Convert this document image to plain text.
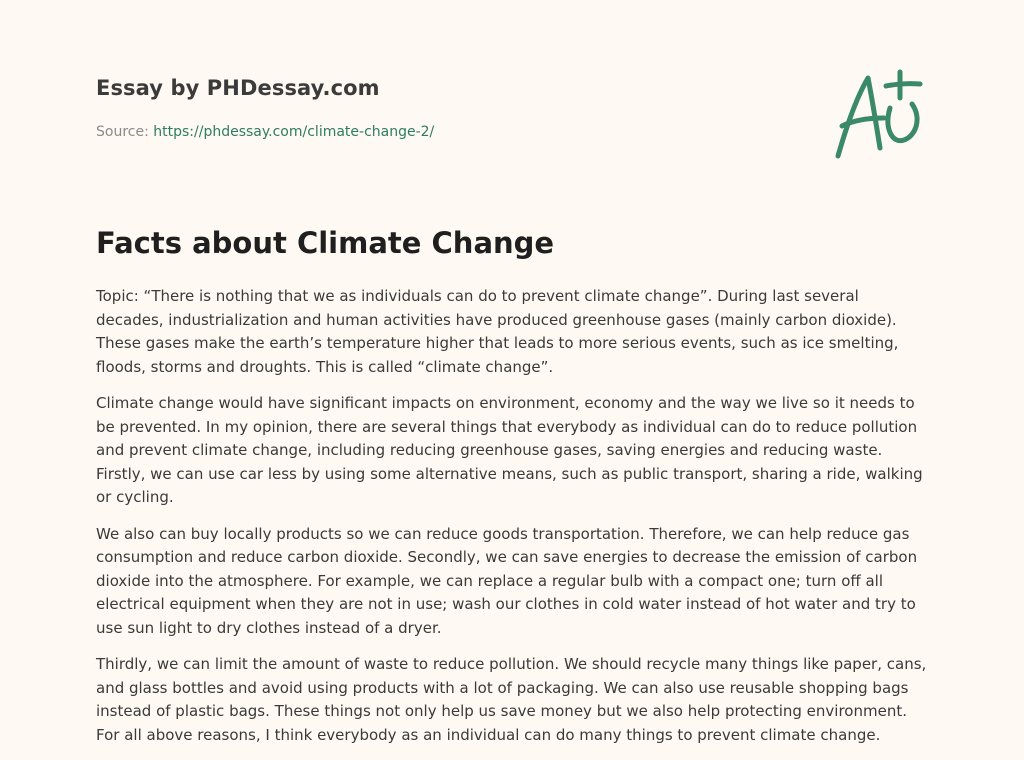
Essay by PHDessay.com
Source: https://phdessay.com/climate-change-2/
Facts about Climate Change

Topic: “There is nothing that we as individuals can do to prevent climate change”. During last several decades, industrialization and human activities have produced greenhouse gases (mainly carbon dioxide). These gases make the earth’s temperature higher that leads to more serious events, such as ice smelting, floods, storms and droughts. This is called “climate change”.

Climate change would have significant impacts on environment, economy and the way we live so it needs to be prevented. In my opinion, there are several things that everybody as individual can do to reduce pollution and prevent climate change, including reducing greenhouse gases, saving energies and reducing waste. Firstly, we can use car less by using some alternative means, such as public transport, sharing a ride, walking or cycling.

We also can buy locally products so we can reduce goods transportation. Therefore, we can help reduce gas consumption and reduce carbon dioxide. Secondly, we can save energies to decrease the emission of carbon dioxide into the atmosphere. For example, we can replace a regular bulb with a compact one; turn off all electrical equipment when they are not in use; wash our clothes in cold water instead of hot water and try to use sun light to dry clothes instead of a dryer.

Thirdly, we can limit the amount of waste to reduce pollution. We should recycle many things like paper, cans, and glass bottles and avoid using products with a lot of packaging. We can also use reusable shopping bags instead of plastic bags. These things not only help us save money but we also help protecting environment. For all above reasons, I think everybody as an individual can do many things to prevent climate change.
